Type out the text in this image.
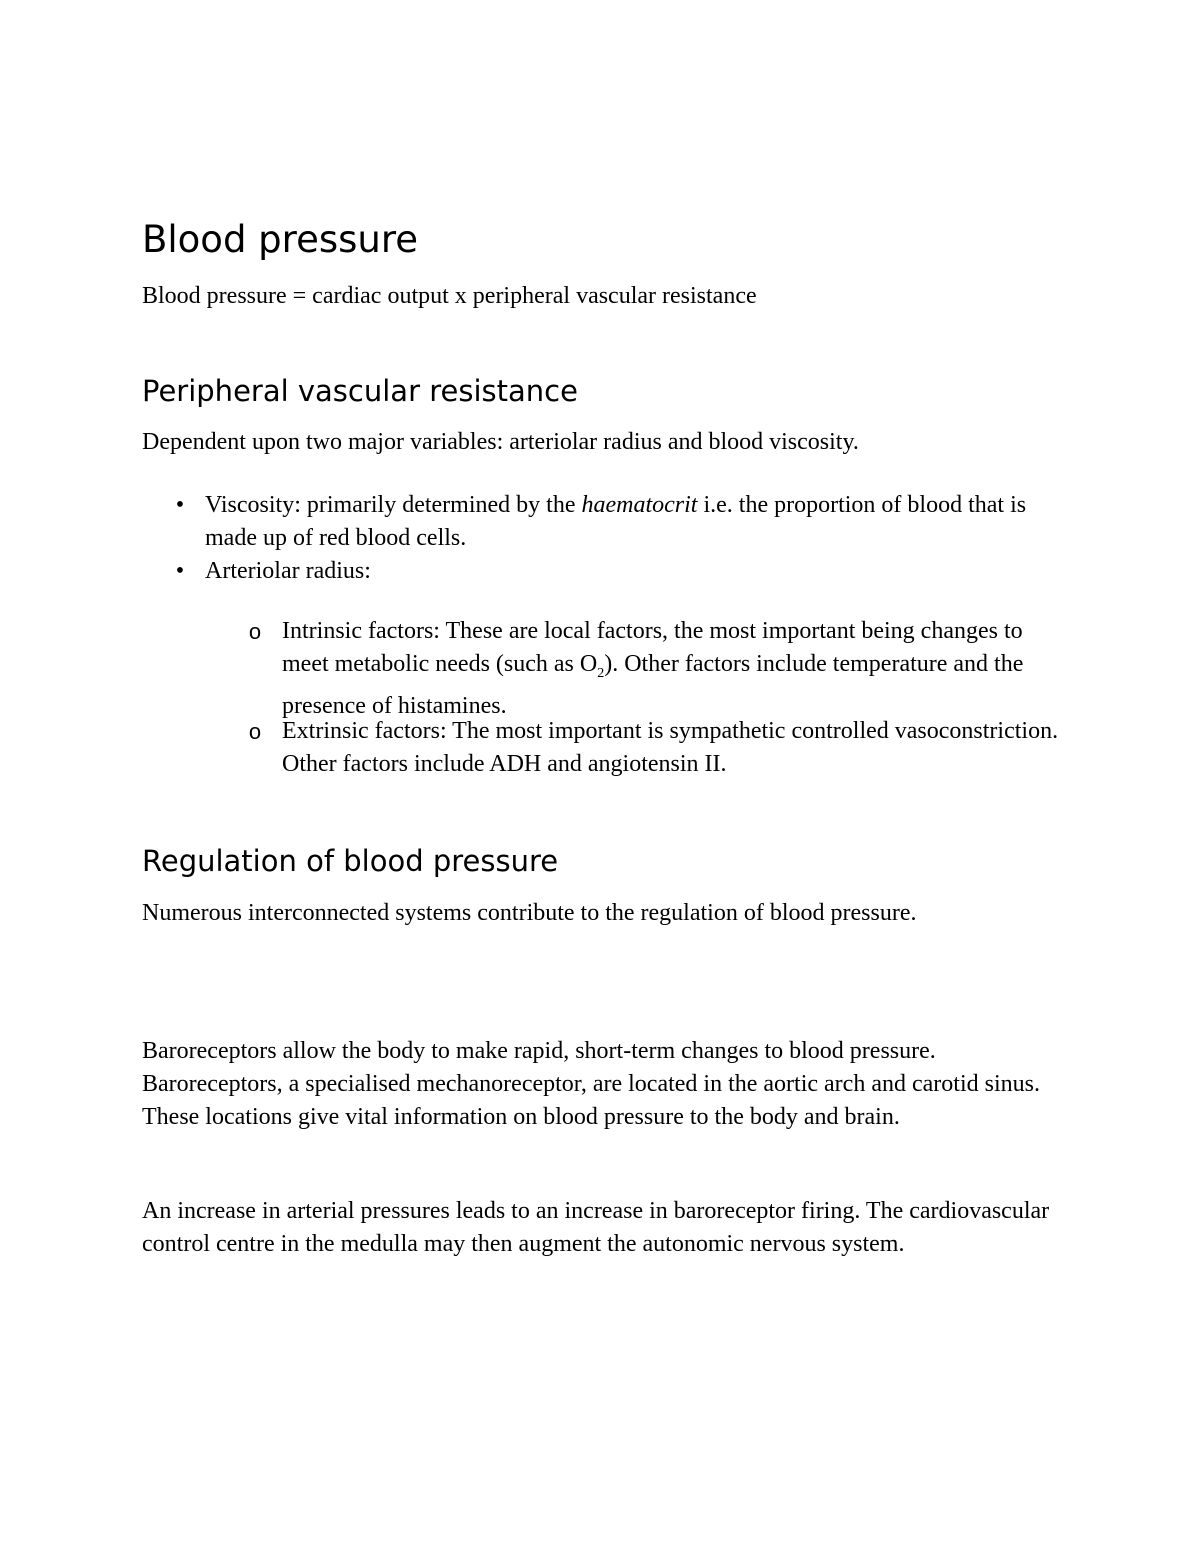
Blood pressure

Blood pressure = cardiac output x peripheral vascular resistance

Peripheral vascular resistance

Dependent upon two major variables: arteriolar radius and blood viscosity.

• Viscosity: primarily determined by the haematocrit i.e. the proportion of blood that is made up of red blood cells.
• Arteriolar radius:
o Intrinsic factors: These are local factors, the most important being changes to meet metabolic needs (such as $O_2$). Other factors include temperature and the presence of histamines.
o Extrinsic factors: The most important is sympathetic controlled vasoconstriction. Other factors include ADH and angiotensin II.
Regulation of blood pressure

Numerous interconnected systems contribute to the regulation of blood pressure.

Baroreceptors allow the body to make rapid, short-term changes to blood pressure. Baroreceptors, a specialised mechanoreceptor, are located in the aortic arch and carotid sinus. These locations give vital information on blood pressure to the body and brain.

An increase in arterial pressures leads to an increase in baroreceptor firing. The cardiovascular control centre in the medulla may then augment the autonomic nervous system.
